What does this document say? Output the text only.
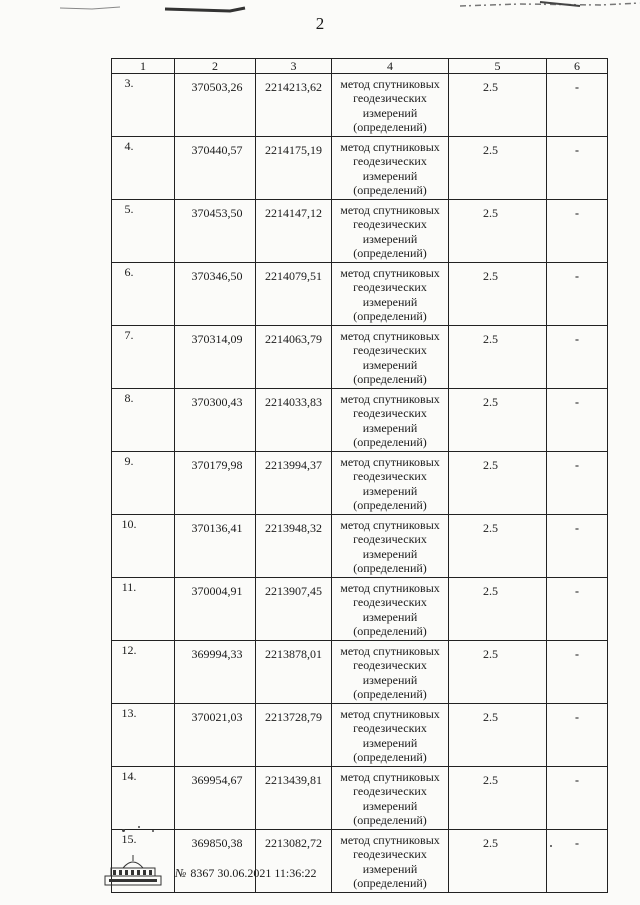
2
1	2	3	4	5	6
3.	370503,26	2214213,62	метод спутниковых
геодезических
измерений
(определений)	2.5	-
4.	370440,57	2214175,19	метод спутниковых
геодезических
измерений
(определений)	2.5	-
5.	370453,50	2214147,12	метод спутниковых
геодезических
измерений
(определений)	2.5	-
6.	370346,50	2214079,51	метод спутниковых
геодезических
измерений
(определений)	2.5	-
7.	370314,09	2214063,79	метод спутниковых
геодезических
измерений
(определений)	2.5	-
8.	370300,43	2214033,83	метод спутниковых
геодезических
измерений
(определений)	2.5	-
9.	370179,98	2213994,37	метод спутниковых
геодезических
измерений
(определений)	2.5	-
10.	370136,41	2213948,32	метод спутниковых
геодезических
измерений
(определений)	2.5	-
11.	370004,91	2213907,45	метод спутниковых
геодезических
измерений
(определений)	2.5	-
12.	369994,33	2213878,01	метод спутниковых
геодезических
измерений
(определений)	2.5	-
13.	370021,03	2213728,79	метод спутниковых
геодезических
измерений
(определений)	2.5	-
14.	369954,67	2213439,81	метод спутниковых
геодезических
измерений
(определений)	2.5	-
15.	369850,38	2213082,72	метод спутниковых
геодезических
измерений
(определений)	2.5	-
№ 8367 30.06.2021 11:36:22
